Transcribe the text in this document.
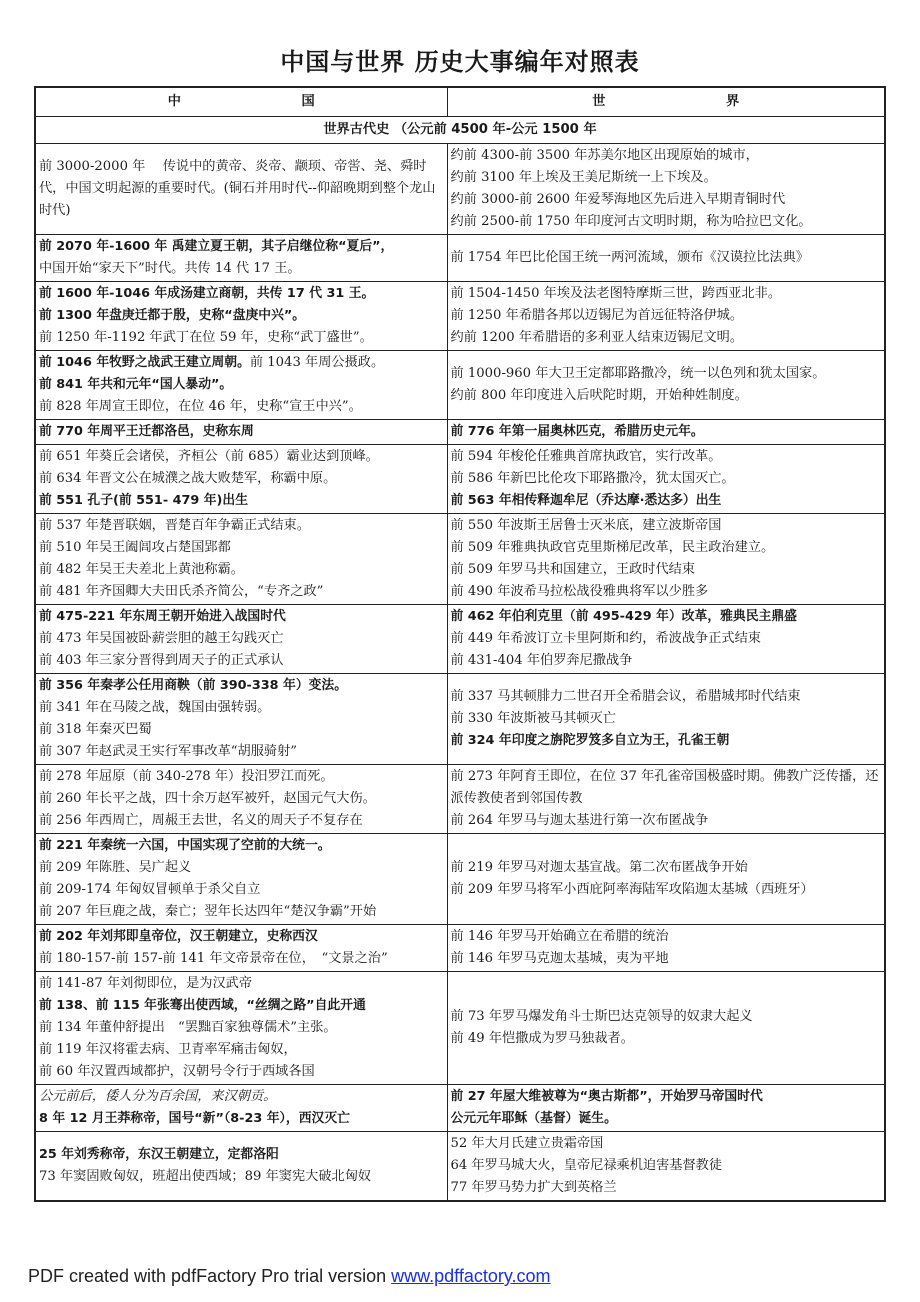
中国与世界 历史大事编年对照表
中 国	世 界
世界古代史 （公元前 4500 年-公元 1500 年	

前 3000-2000 年　 传说中的黄帝、炎帝、颛顼、帝喾、尧、舜时代，中国文明起源的重要时代。(铜石并用时代--仰韶晚期到整个龙山时代)	约前 4300-前 3500 年苏美尔地区出现原始的城市，
约前 3100 年上埃及王美尼斯统一上下埃及。
约前 3000-前 2600 年爱琴海地区先后进入早期青铜时代
约前 2500-前 1750 年印度河古文明时期，称为哈拉巴文化。

前 2070 年-1600 年 禹建立夏王朝，其子启继位称“夏后”，
中国开始“家天下”时代。共传 14 代 17 王。	前 1754 年巴比伦国王统一两河流域，颁布《汉谟拉比法典》

前 1600 年-1046 年成汤建立商朝，共传 17 代 31 王。
前 1300 年盘庚迁都于殷，史称“盘庚中兴”。
前 1250 年-1192 年武丁在位 59 年，史称“武丁盛世”。	前 1504-1450 年埃及法老图特摩斯三世，跨西亚北非。
前 1250 年希腊各邦以迈锡尼为首远征特洛伊城。
约前 1200 年希腊语的多利亚人结束迈锡尼文明。

前 1046 年牧野之战武王建立周朝。前 1043 年周公摄政。
前 841 年共和元年“国人暴动”。
前 828 年周宣王即位，在位 46 年，史称“宣王中兴”。	前 1000-960 年大卫王定都耶路撒冷，统一以色列和犹太国家。
约前 800 年印度进入后吠陀时期，开始种姓制度。

前 770 年周平王迁都洛邑，史称东周	前 776 年第一届奥林匹克，希腊历史元年。

前 651 年葵丘会诸侯，齐桓公（前 685）霸业达到顶峰。
前 634 年晋文公在城濮之战大败楚军，称霸中原。
前 551 孔子(前 551- 479 年)出生	前 594 年梭伦任雅典首席执政官，实行改革。
前 586 年新巴比伦攻下耶路撒冷，犹太国灭亡。
前 563 年相传释迦牟尼（乔达摩·悉达多）出生

前 537 年楚晋联姻，晋楚百年争霸正式结束。
前 510 年吴王阖闾攻占楚国郢都
前 482 年吴王夫差北上黄池称霸。
前 481 年齐国卿大夫田氏杀齐简公，“专齐之政”	前 550 年波斯王居鲁士灭米底，建立波斯帝国
前 509 年雅典执政官克里斯梯尼改革，民主政治建立。
前 509 年罗马共和国建立，王政时代结束
前 490 年波希马拉松战役雅典将军以少胜多

前 475-221 年东周王朝开始进入战国时代
前 473 年吴国被卧薪尝胆的越王勾践灭亡
前 403 年三家分晋得到周天子的正式承认	前 462 年伯利克里（前 495-429 年）改革，雅典民主鼎盛
前 449 年希波订立卡里阿斯和约，希波战争正式结束
前 431-404 年伯罗奔尼撒战争

前 356 年秦孝公任用商鞅（前 390-338 年）变法。
前 341 年在马陵之战，魏国由强转弱。
前 318 年秦灭巴蜀
前 307 年赵武灵王实行军事改革“胡服骑射”	前 337 马其顿腓力二世召开全希腊会议，希腊城邦时代结束
前 330 年波斯被马其顿灭亡
前 324 年印度之旃陀罗笈多自立为王，孔雀王朝

前 278 年屈原（前 340-278 年）投汨罗江而死。
前 260 年长平之战，四十余万赵军被歼，赵国元气大伤。
前 256 年西周亡，周赧王去世，名义的周天子不复存在	前 273 年阿育王即位，在位 37 年孔雀帝国极盛时期。佛教广泛传播，还派传教使者到邻国传教
前 264 年罗马与迦太基进行第一次布匿战争

前 221 年秦统一六国，中国实现了空前的大统一。
前 209 年陈胜、吴广起义
前 209-174 年匈奴冒顿单于杀父自立
前 207 年巨鹿之战，秦亡；翌年长达四年“楚汉争霸”开始	前 219 年罗马对迦太基宣战。第二次布匿战争开始
前 209 年罗马将军小西庇阿率海陆军攻陷迦太基城（西班牙）

前 202 年刘邦即皇帝位，汉王朝建立，史称西汉
前 180-157-前 157-前 141 年文帝景帝在位，　“文景之治”	前 146 年罗马开始确立在希腊的统治
前 146 年罗马克迦太基城，夷为平地

前 141-87 年刘彻即位，是为汉武帝
前 138、前 115 年张骞出使西域，“丝绸之路”自此开通
前 134 年董仲舒提出　“罢黜百家独尊儒术”主张。
前 119 年汉将霍去病、卫青率军痛击匈奴，
前 60 年汉置西域都护，汉朝号令行于西域各国	前 73 年罗马爆发角斗士斯巴达克领导的奴隶大起义
前 49 年恺撒成为罗马独裁者。

公元前后，倭人分为百余国，来汉朝贡。
8 年 12 月王莽称帝，国号“新”（8-23 年），西汉灭亡	前 27 年屋大维被尊为“奥古斯都”，开始罗马帝国时代
公元元年耶稣（基督）诞生。

25 年刘秀称帝，东汉王朝建立，定都洛阳
73 年窦固败匈奴，班超出使西域；89 年窦宪大破北匈奴	52 年大月氏建立贵霜帝国
64 年罗马城大火，皇帝尼禄乘机迫害基督教徒
77 年罗马势力扩大到英格兰
PDF created with pdfFactory Pro trial version www.pdffactory.com
